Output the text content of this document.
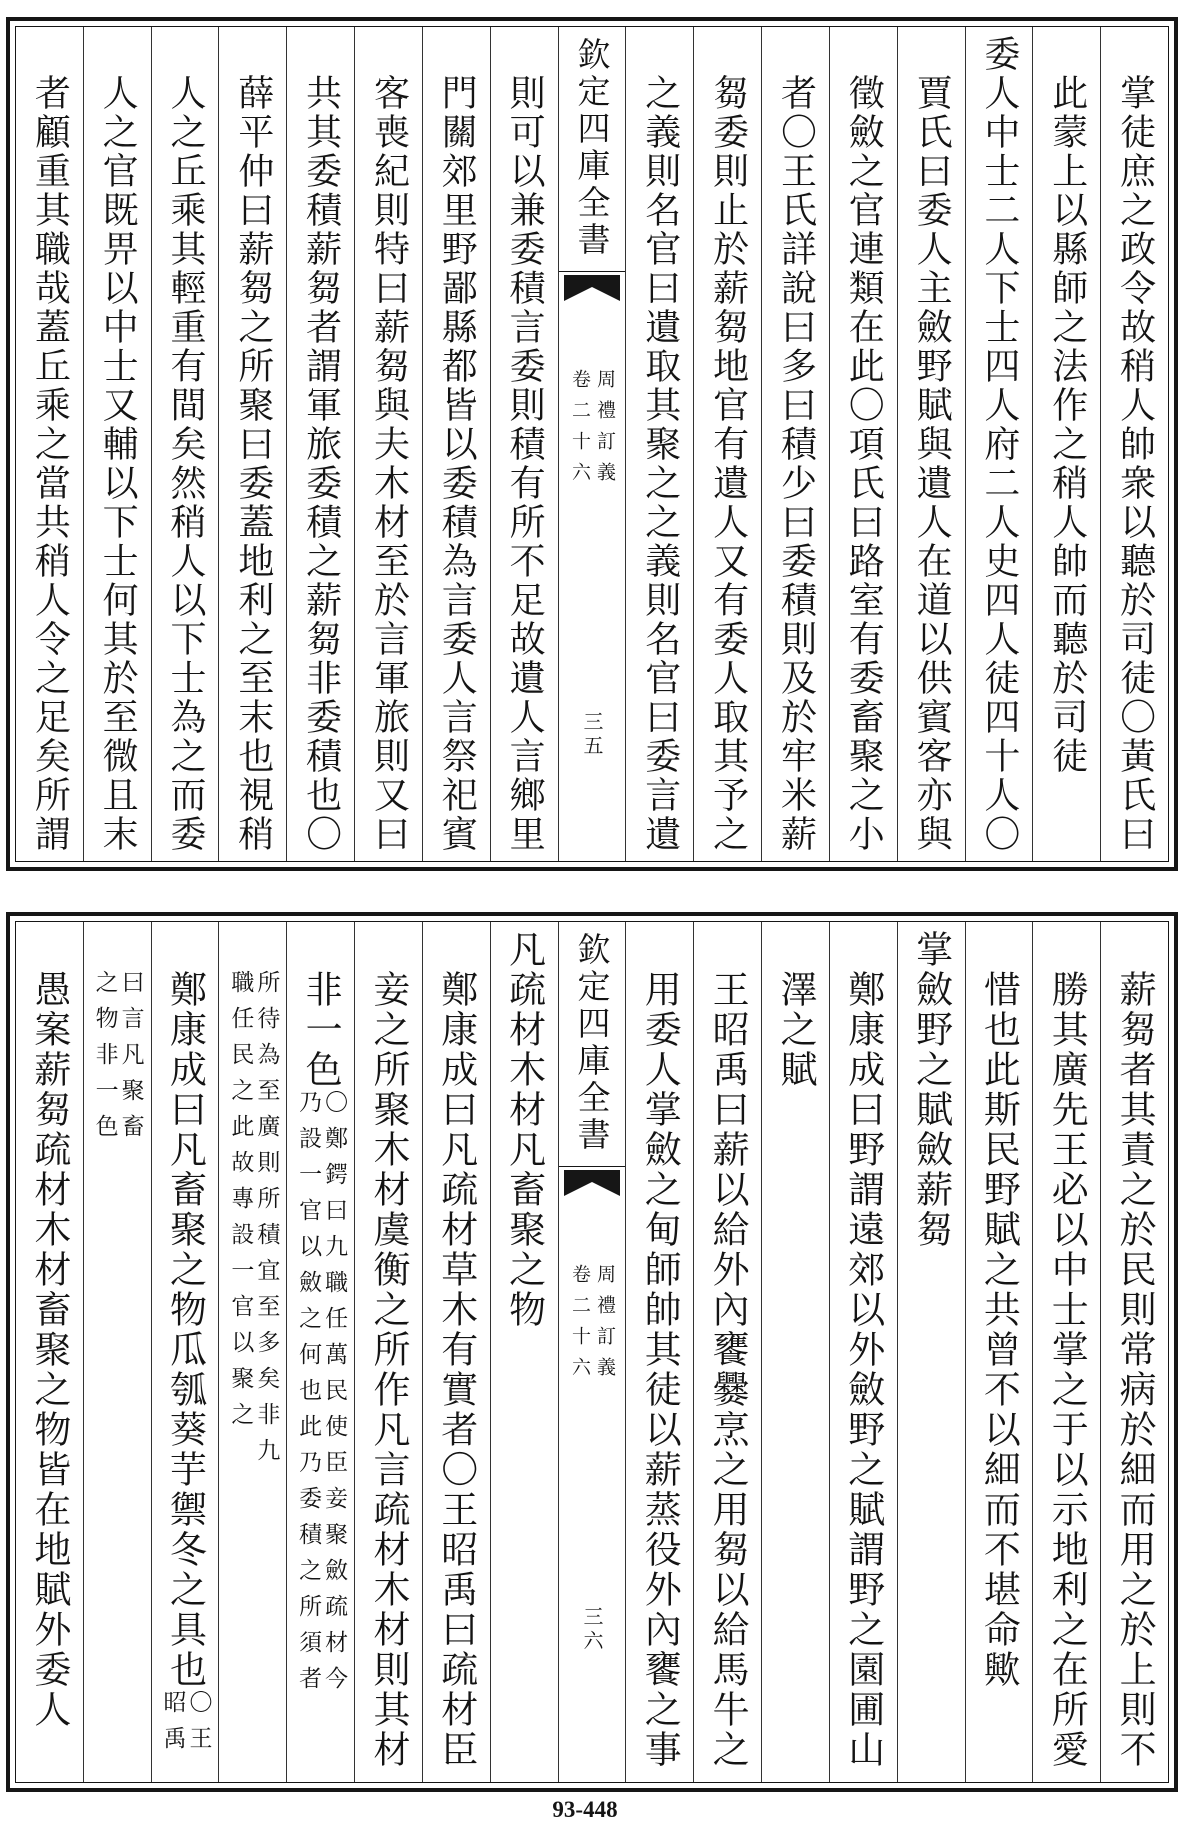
掌徒庶之政令故稍人帥衆以聽於司徒〇黃氏曰
此蒙上以縣師之法作之稍人帥而聽於司徒
委人中士二人下士四人府二人史四人徒四十人〇
賈氏曰委人主斂野賦與遺人在道以供賓客亦與
徵斂之官連類在此〇項氏曰路室有委畜聚之小
者〇王氏詳說曰多曰積少曰委積則及於牢米薪
芻委則止於薪芻地官有遺人又有委人取其予之
之義則名官曰遺取其聚之之義則名官曰委言遺
欽定四庫全書
周禮訂義
卷二十六
三五
則可以兼委積言委則積有所不足故遺人言鄉里
門關郊里野鄙縣都皆以委積為言委人言祭祀賓
客喪紀則特曰薪芻與夫木材至於言軍旅則又曰
共其委積薪芻者謂軍旅委積之薪芻非委積也〇
薛平仲曰薪芻之所聚曰委蓋地利之至末也視稍
人之丘乘其輕重有間矣然稍人以下士為之而委
人之官既畀以中士又輔以下士何其於至微且末
者顧重其職哉蓋丘乘之當共稍人令之足矣所謂
薪芻者其責之於民則常病於細而用之於上則不
勝其廣先王必以中士掌之于以示地利之在所愛
惜也此斯民野賦之共曾不以細而不堪命歟
掌斂野之賦斂薪芻
鄭康成曰野謂遠郊以外斂野之賦謂野之園圃山
澤之賦
王昭禹曰薪以給外內饔爨烹之用芻以給馬牛之
用委人掌斂之甸師帥其徒以薪蒸役外內饔之事
欽定四庫全書
周禮訂義
卷二十六
三六
凡疏材木材凡畜聚之物
鄭康成曰凡疏材草木有實者〇王昭禹曰疏材臣
妾之所聚木材虞衡之所作凡言疏材木材則其材
非一色
〇鄭鍔曰九職任萬民使臣妾聚斂疏材今
乃設一官以斂之何也此乃委積之所須者
所待為至廣則所積宜至多矣非九
職任民之此故專設一官以聚之
鄭康成曰凡畜聚之物瓜瓠葵芋禦冬之具也
〇王
昭禹
曰言凡聚畜
之物非一色
愚案薪芻疏材木材畜聚之物皆在地賦外委人
93-448
